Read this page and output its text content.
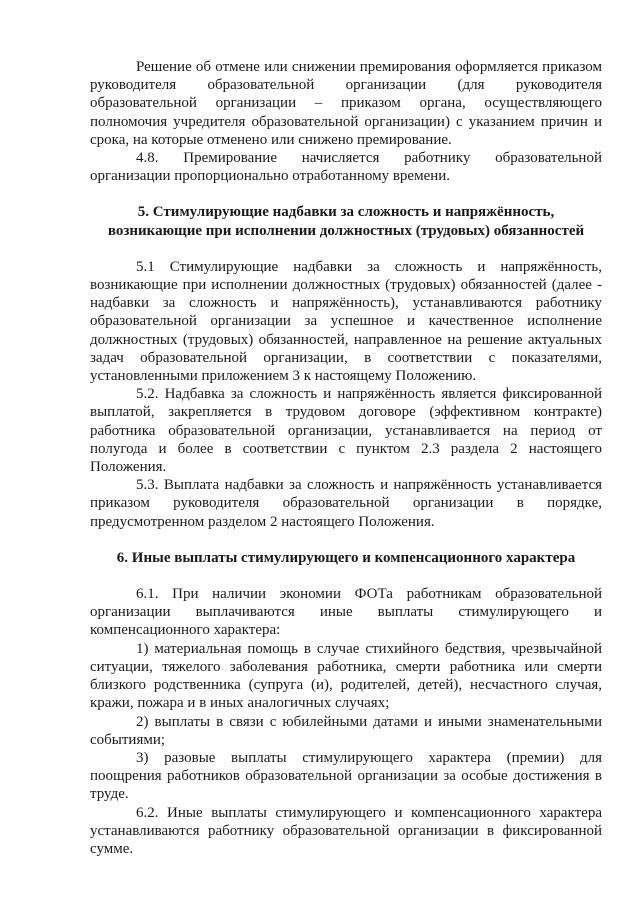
Решение об отмене или снижении премирования оформляется приказом руководителя образовательной организации (для руководителя образовательной организации – приказом органа, осуществляющего полномочия учредителя образовательной организации) с указанием причин и срока, на которые отменено или снижено премирование.

4.8. Премирование начисляется работнику образовательной организации пропорционально отработанному времени.

5. Стимулирующие надбавки за сложность и напряжённость,
возникающие при исполнении должностных (трудовых) обязанностей

5.1 Стимулирующие надбавки за сложность и напряжённость, возникающие при исполнении должностных (трудовых) обязанностей (далее - надбавки за сложность и напряжённость), устанавливаются работнику образовательной организации за успешное и качественное исполнение должностных (трудовых) обязанностей, направленное на решение актуальных задач образовательной организации, в соответствии с показателями, установленными приложением 3 к настоящему Положению.

5.2. Надбавка за сложность и напряжённость является фиксированной выплатой, закрепляется в трудовом договоре (эффективном контракте) работника образовательной организации, устанавливается на период от полугода и более в соответствии с пунктом 2.3 раздела 2 настоящего Положения.

5.3. Выплата надбавки за сложность и напряжённость устанавливается приказом руководителя образовательной организации в порядке, предусмотренном разделом 2 настоящего Положения.

6. Иные выплаты стимулирующего и компенсационного характера

6.1. При наличии экономии ФОТа работникам образовательной организации выплачиваются иные выплаты стимулирующего и компенсационного характера:

1) материальная помощь в случае стихийного бедствия, чрезвычайной ситуации, тяжелого заболевания работника, смерти работника или смерти близкого родственника (супруга (и), родителей, детей), несчастного случая, кражи, пожара и в иных аналогичных случаях;

2) выплаты в связи с юбилейными датами и иными знаменательными событиями;

3) разовые выплаты стимулирующего характера (премии) для поощрения работников образовательной организации за особые достижения в труде.

6.2. Иные выплаты стимулирующего и компенсационного характера устанавливаются работнику образовательной организации в фиксированной сумме.
